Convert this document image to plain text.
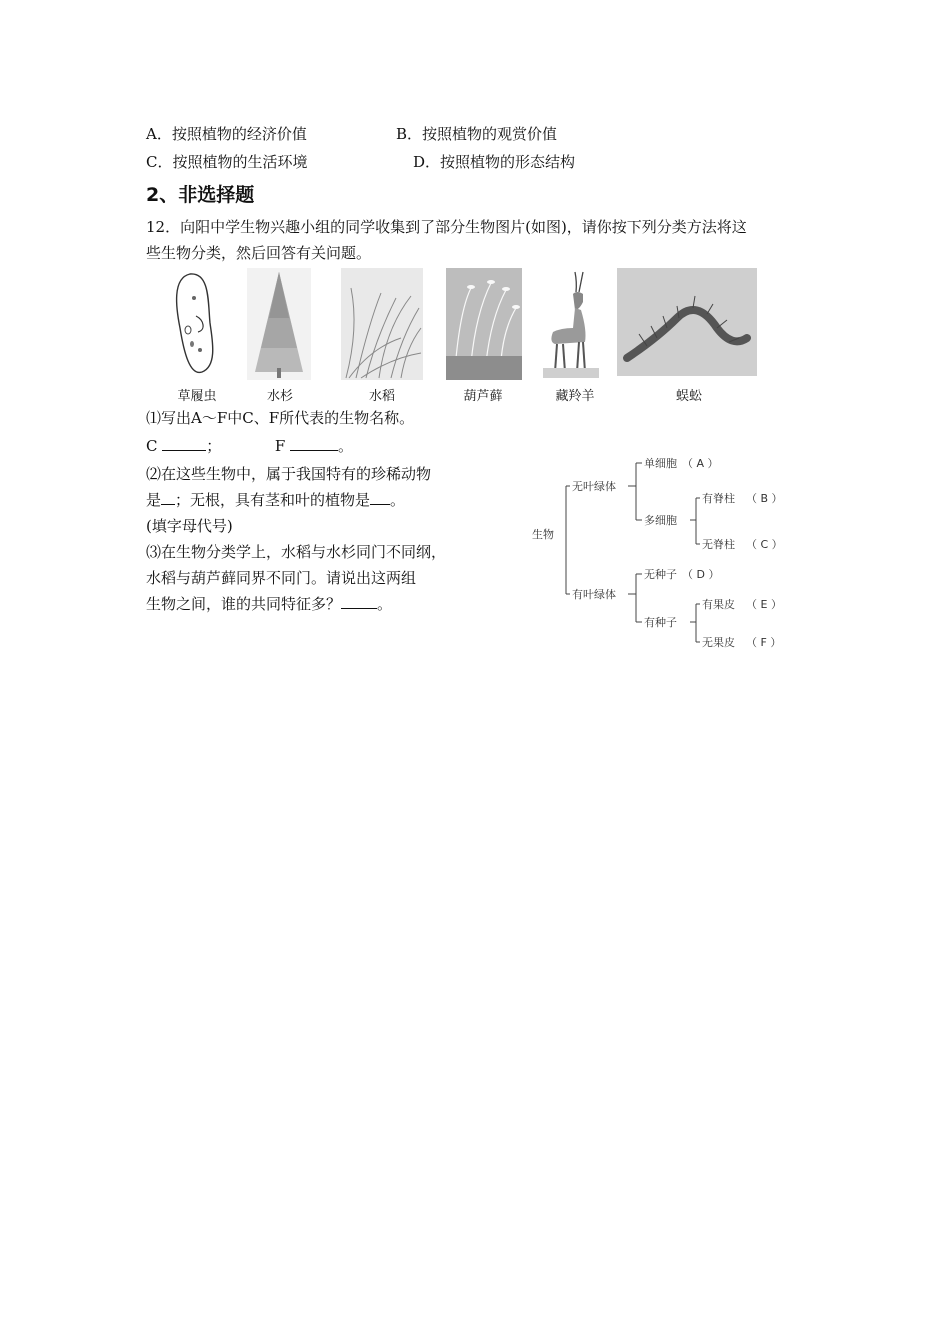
A．按照植物的经济价值	B．按照植物的观赏价值
C．按照植物的生活环境	D．按照植物的形态结构
2、非选择题
12．向阳中学生物兴趣小组的同学收集到了部分生物图片(如图)，请你按下列分类方法将这
些生物分类，然后回答有关问题。
草履虫	水杉	水稻	葫芦藓	藏羚羊	蜈蚣
⑴写出A～F中C、F所代表的生物名称。
C	；	F	。
⑵在这些生物中，属于我国特有的珍稀动物
是 ；无根，具有茎和叶的植物是 。
(填字母代号)
⑶在生物分类学上，水稻与水杉同门不同纲，
水稻与葫芦藓同界不同门。请说出这两组
生物之间，谁的共同特征多？ 。
生物
无叶绿体
单细胞 （ A ）
多细胞
有脊柱 （ B ）
无脊柱 （ C ）
有叶绿体
无种子 （ D ）
有种子
有果皮 （ E ）
无果皮 （ F ）
